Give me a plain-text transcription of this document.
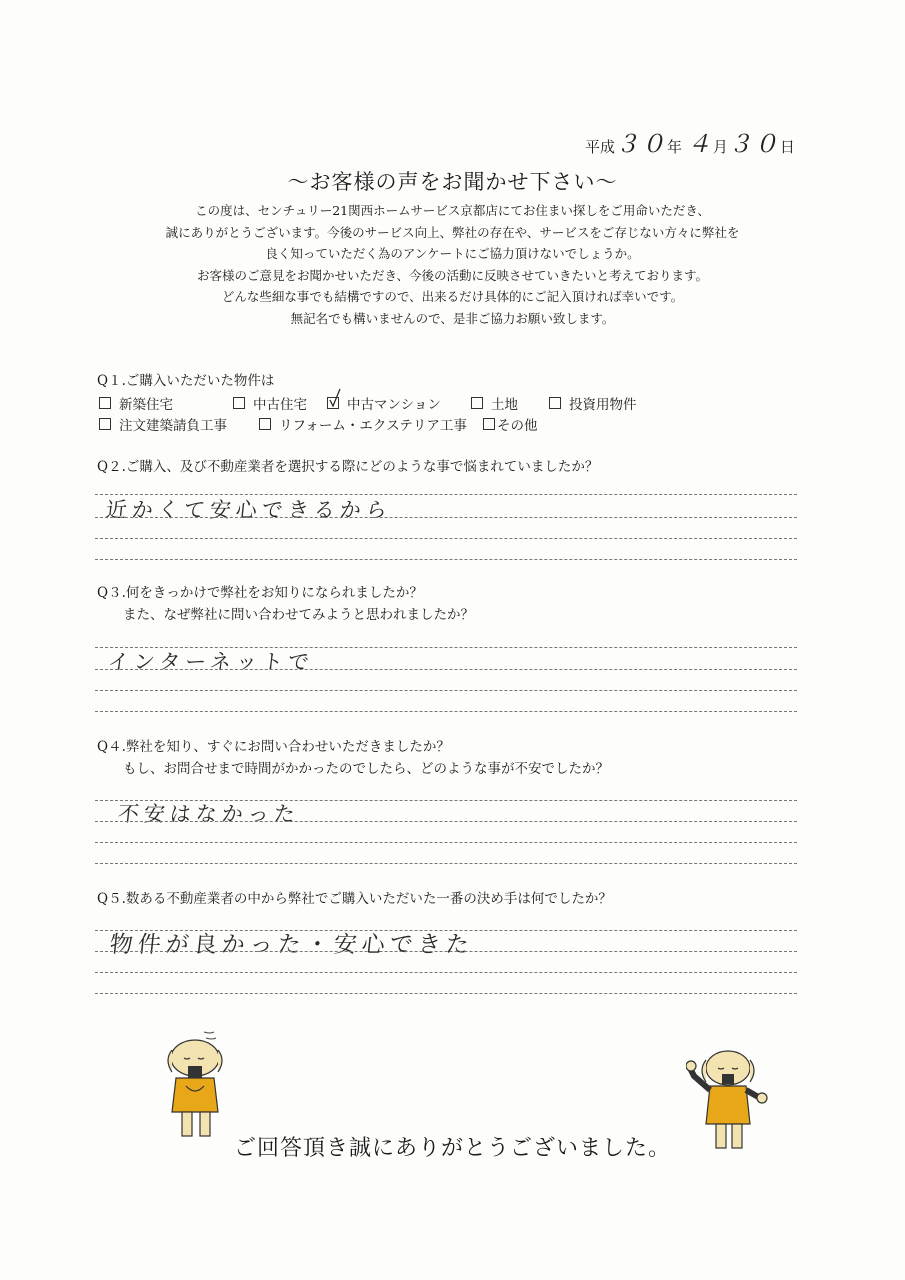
平成３０年 ４月３０日
～お客様の声をお聞かせ下さい～
この度は、センチュリー21関西ホームサービス京都店にてお住まい探しをご用命いただき、
誠にありがとうございます。今後のサービス向上、弊社の存在や、サービスをご存じない方々に弊社を
良く知っていただく為のアンケートにご協力頂けないでしょうか。
お客様のご意見をお聞かせいただき、今後の活動に反映させていきたいと考えております。
どんな些細な事でも結構ですので、出来るだけ具体的にご記入頂ければ幸いです。
無記名でも構いませんので、是非ご協力お願い致します。
Q１.ご購入いただいた物件は
新築住宅	中古住宅	中古マンション	土地	投資用物件
注文建築請負工事	リフォーム・エクステリア工事	その他
Q２.ご購入、及び不動産業者を選択する際にどのような事で悩まれていましたか？
近かくて安心できるから
Q３.何をきっかけで弊社をお知りになられましたか？
また、なぜ弊社に問い合わせてみようと思われましたか？
インターネットで
Q４.弊社を知り、すぐにお問い合わせいただきましたか？
もし、お問合せまで時間がかかったのでしたら、どのような事が不安でしたか？
不安はなかった
Q５.数ある不動産業者の中から弊社でご購入いただいた一番の決め手は何でしたか？
物件が良かった・安心できた
ご回答頂き誠にありがとうございました。
